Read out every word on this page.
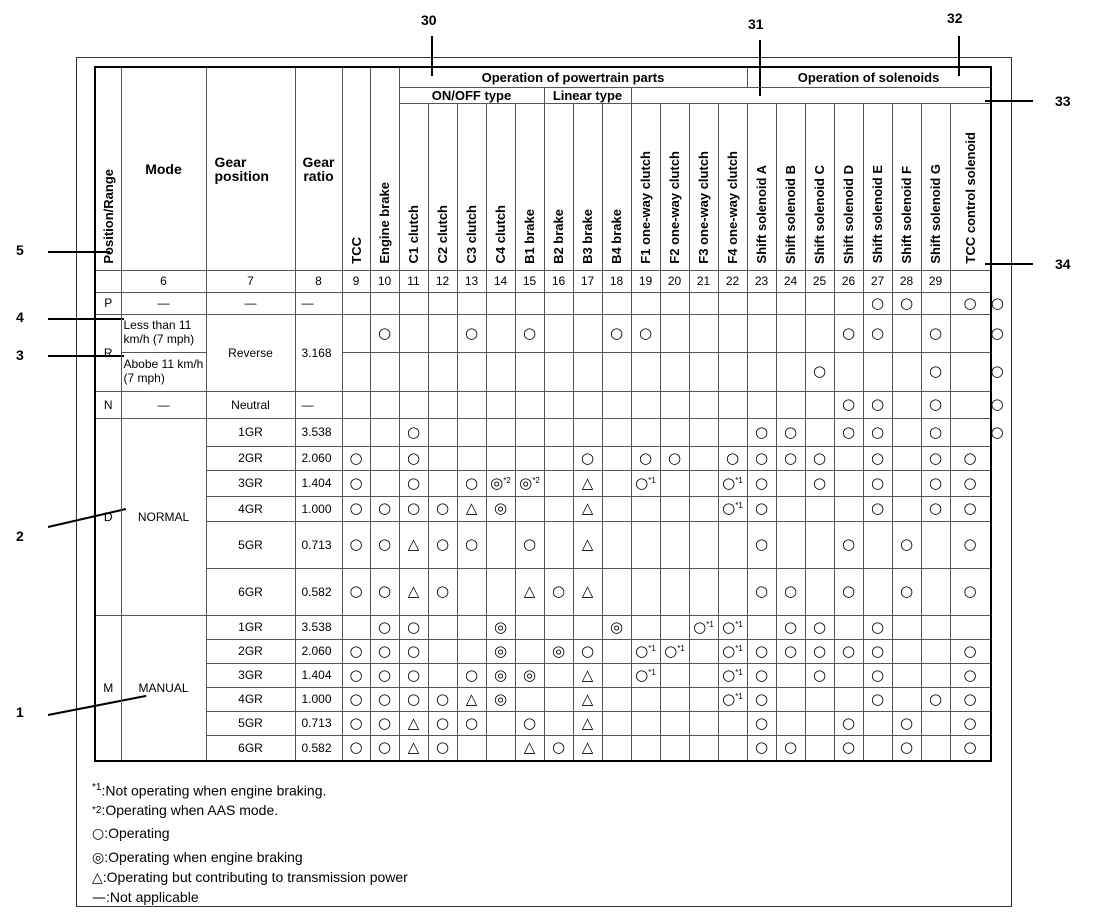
30	31	32
33
34
5
4
3
2
1
Position/Range	Mode	Gear position	Gear ratio	TCC	Engine brake	Operation of powertrain parts												Operation of solenoids								
						ON/OFF type					Linear type															
						C1 clutch	C2 clutch	C3 clutch	C4 clutch	B1 brake	B2 brake	B3 brake	B4 brake	F1 one-way clutch	F2 one-way clutch	F3 one-way clutch	F4 one-way clutch	Shift solenoid A	Shift solenoid B	Shift solenoid C	Shift solenoid D	Shift solenoid E	Shift solenoid F	Shift solenoid G	TCC control solenoid	
	6	7	8	9	10	11	12	13	14	15	16	17	18	19	20	21	22	23	24	25	26	27	28	29		
P	—	—	—																			○	○		○		○	
R	Less than 11 km/h (7 mph)	Reverse	3.168		○			○		○			○	○							○	○		○		○	
	Abobe 11 km/h (7 mph)																			○				○		○	
N	—	Neutral	—																		○	○		○		○	
D	NORMAL	1GR	3.538			○												○	○		○	○		○		○	
		2GR	2.060	○		○						○		○	○		○	○	○	○		○		○	○		
		3GR	1.404	○		○		○	◎$^{*2}$	◎$^{*2}$		△		○$^{*1}$			○$^{*1}$	○		○		○		○	○		
		4GR	1.000	○	○	○	○	△	◎			△					○$^{*1}$	○				○		○	○		
		5GR	0.713	○	○	△	○	○		○		△						○			○		○		○		
		6GR	0.582	○	○	△	○			△	○	△						○	○		○		○		○		
M	MANUAL	1GR	3.538		○	○			◎				◎			○$^{*1}$	○$^{*1}$		○	○		○				
		2GR	2.060	○	○	○			◎		◎	○		○$^{*1}$	○$^{*1}$		○$^{*1}$	○	○	○	○	○			○	
		3GR	1.404	○	○	○		○	◎	◎		△		○$^{*1}$			○$^{*1}$	○		○		○			○	
		4GR	1.000	○	○	○	○	△	◎			△					○$^{*1}$	○				○		○	○	
		5GR	0.713	○	○	△	○	○		○		△						○			○		○		○	
		6GR	0.582	○	○	△	○			△	○	△						○	○		○		○		○	
$^{*1}$:Not operating when engine braking.
$^{*2}$:Operating when AAS mode.
○:Operating
◎:Operating when engine braking
△:Operating but contributing to transmission power
—:Not applicable
